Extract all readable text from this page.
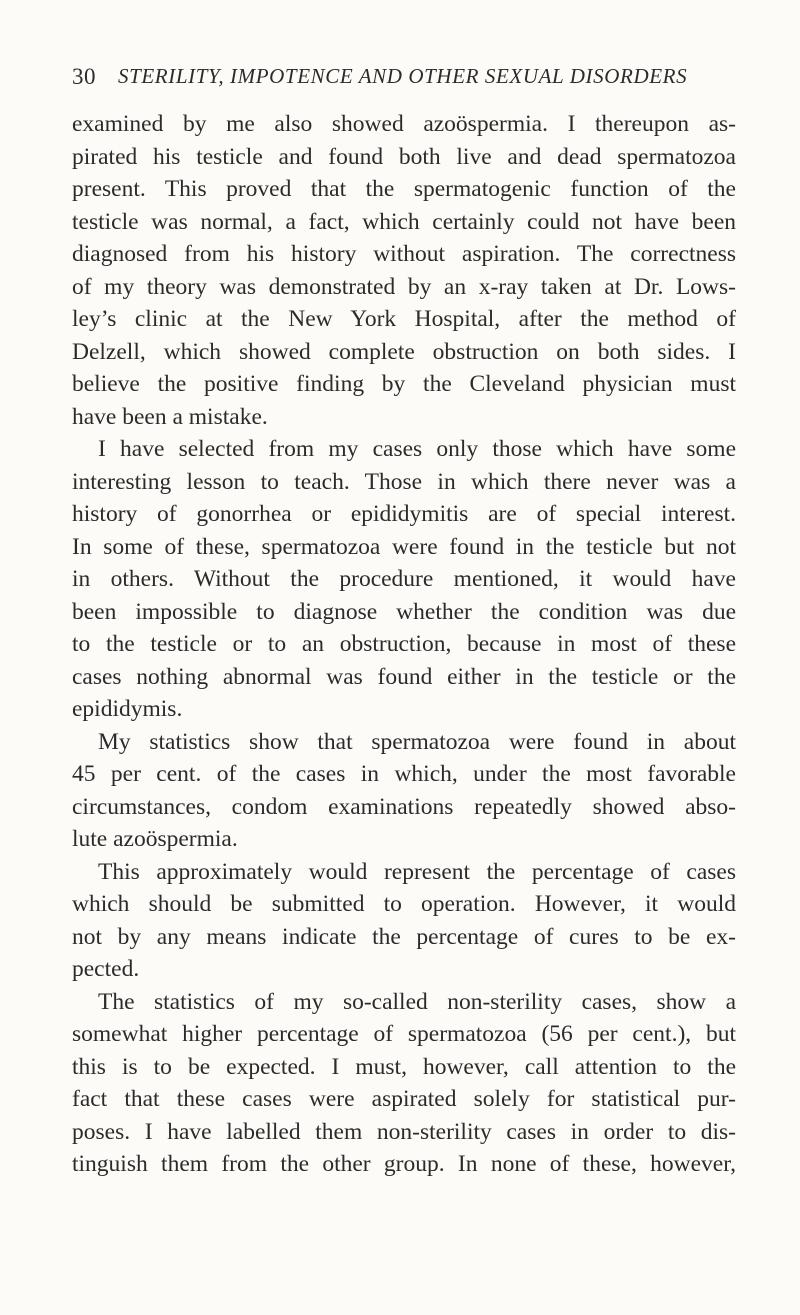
30 STERILITY, IMPOTENCE AND OTHER SEXUAL DISORDERS
examined by me also showed azoöspermia. I thereupon as-
pirated his testicle and found both live and dead spermatozoa
present. This proved that the spermatogenic function of the
testicle was normal, a fact, which certainly could not have been
diagnosed from his history without aspiration. The correctness
of my theory was demonstrated by an x-ray taken at Dr. Lows-
ley’s clinic at the New York Hospital, after the method of
Delzell, which showed complete obstruction on both sides. I
believe the positive finding by the Cleveland physician must
have been a mistake.
I have selected from my cases only those which have some
interesting lesson to teach. Those in which there never was a
history of gonorrhea or epididymitis are of special interest.
In some of these, spermatozoa were found in the testicle but not
in others. Without the procedure mentioned, it would have
been impossible to diagnose whether the condition was due
to the testicle or to an obstruction, because in most of these
cases nothing abnormal was found either in the testicle or the
epididymis.
My statistics show that spermatozoa were found in about
45 per cent. of the cases in which, under the most favorable
circumstances, condom examinations repeatedly showed abso-
lute azoöspermia.
This approximately would represent the percentage of cases
which should be submitted to operation. However, it would
not by any means indicate the percentage of cures to be ex-
pected.
The statistics of my so-called non-sterility cases, show a
somewhat higher percentage of spermatozoa (56 per cent.), but
this is to be expected. I must, however, call attention to the
fact that these cases were aspirated solely for statistical pur-
poses. I have labelled them non-sterility cases in order to dis-
tinguish them from the other group. In none of these, however,
